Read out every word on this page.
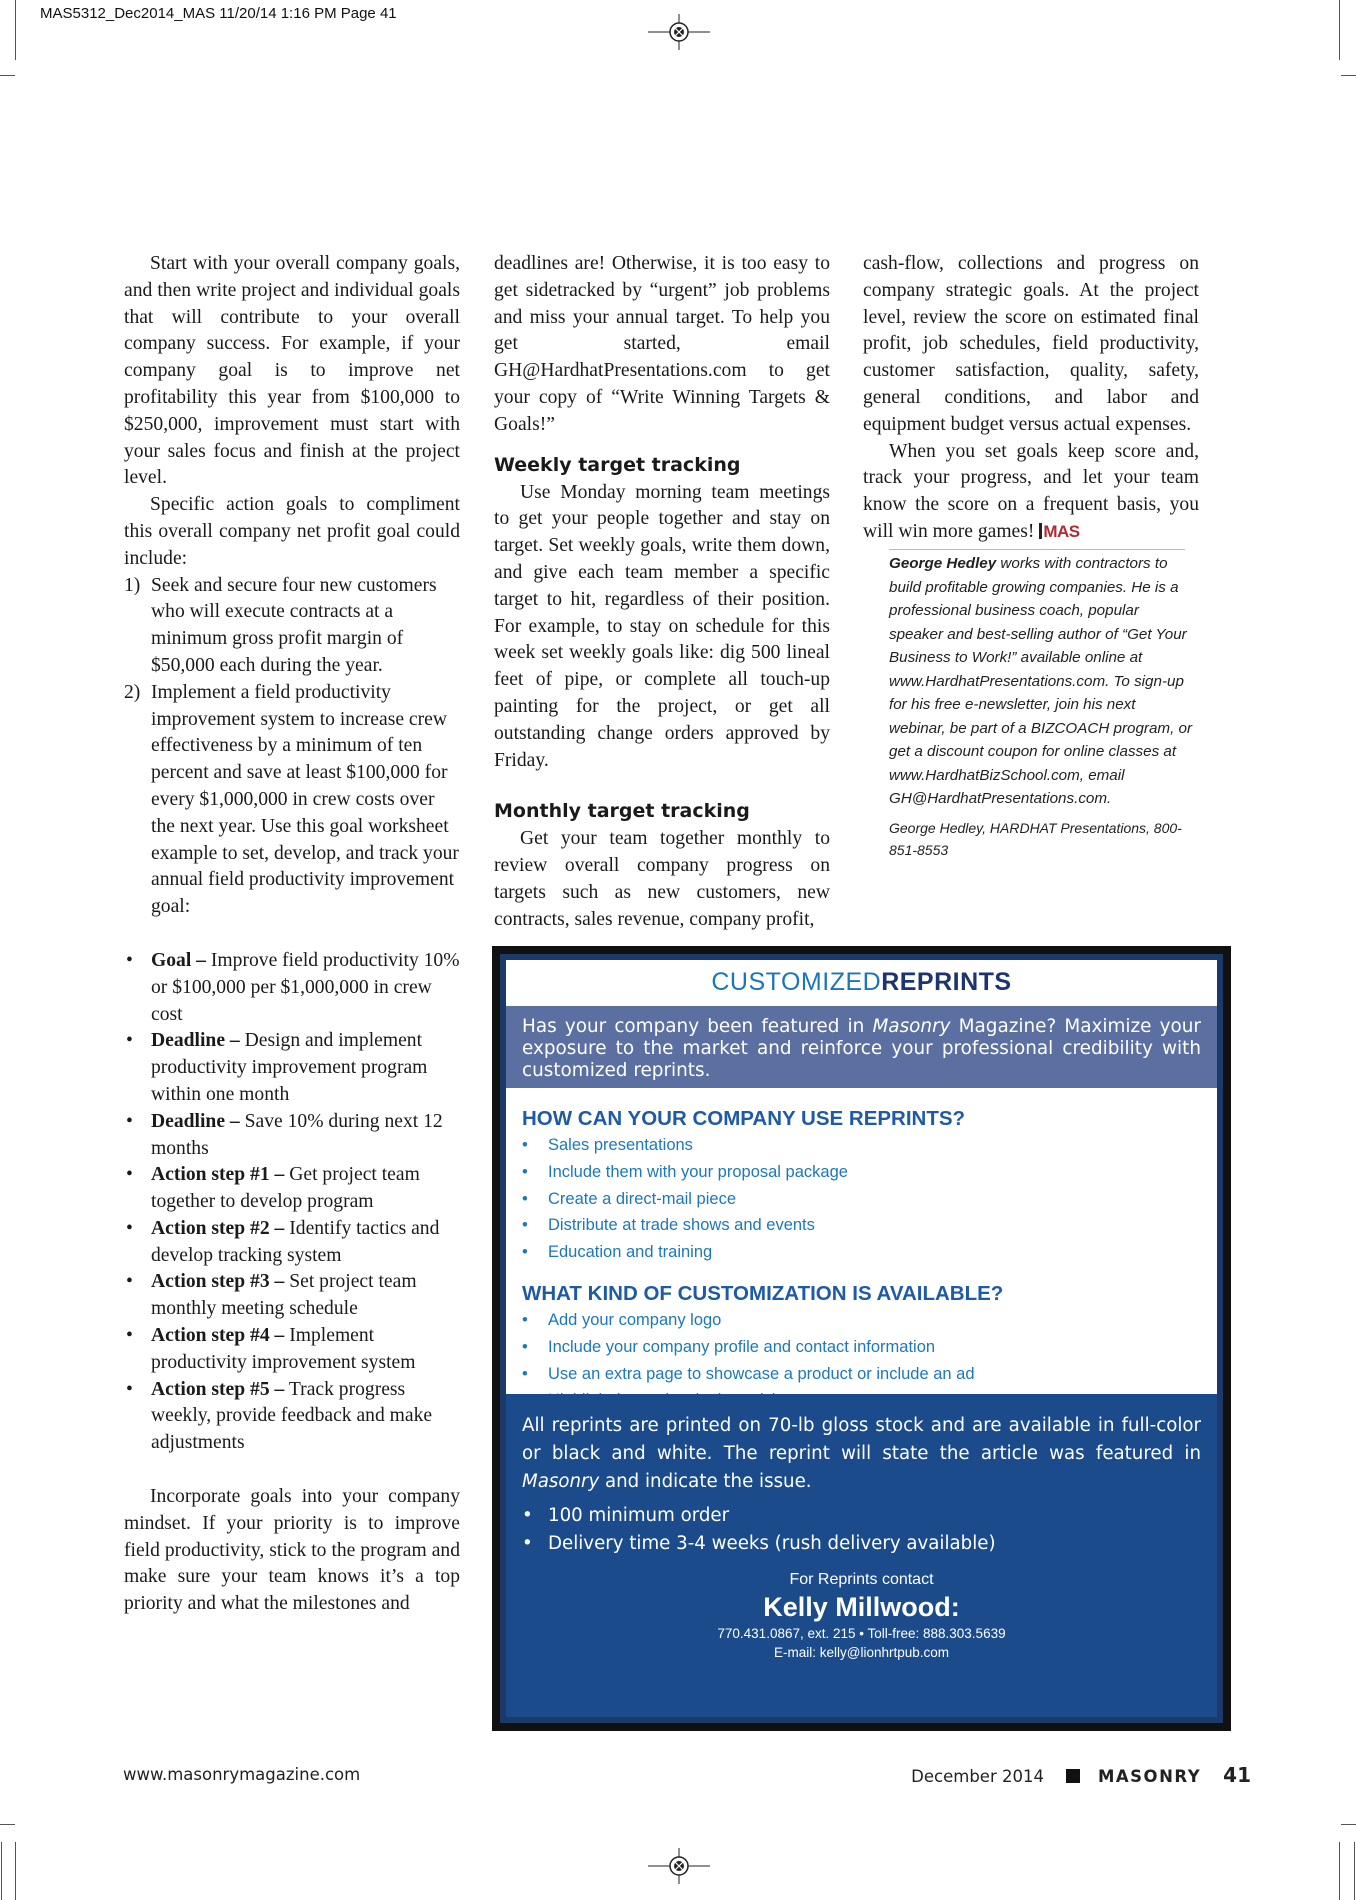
MAS5312_Dec2014_MAS 11/20/14 1:16 PM Page 41

Start with your overall company goals, and then write project and individual goals that will contribute to your overall company success. For example, if your company goal is to improve net profitability this year from $100,000 to $250,000, improvement must start with your sales focus and finish at the project level.

Specific action goals to compliment this overall company net profit goal could include:

1) Seek and secure four new customers who will execute contracts at a minimum gross profit margin of $50,000 each during the year.
2) Implement a field productivity improvement system to increase crew effectiveness by a minimum of ten percent and save at least $100,000 for every $1,000,000 in crew costs over the next year. Use this goal worksheet example to set, develop, and track your annual field productivity improvement goal:
• Goal – Improve field productivity 10% or $100,000 per $1,000,000 in crew cost
• Deadline – Design and implement productivity improvement program within one month
• Deadline – Save 10% during next 12 months
• Action step #1 – Get project team together to develop program
• Action step #2 – Identify tactics and develop tracking system
• Action step #3 – Set project team monthly meeting schedule
• Action step #4 – Implement productivity improvement system
• Action step #5 – Track progress weekly, provide feedback and make adjustments

Incorporate goals into your company mindset. If your priority is to improve field productivity, stick to the program and make sure your team knows it’s a top priority and what the milestones and

deadlines are! Otherwise, it is too easy to get sidetracked by “urgent” job problems and miss your annual target. To help you get started, email GH@HardhatPresentations.com to get your copy of “Write Winning Targets & Goals!”

Weekly target tracking

Use Monday morning team meetings to get your people together and stay on target. Set weekly goals, write them down, and give each team member a specific target to hit, regardless of their position. For example, to stay on schedule for this week set weekly goals like: dig 500 lineal feet of pipe, or complete all touch-up painting for the project, or get all outstanding change orders approved by Friday.

Monthly target tracking

Get your team together monthly to review overall company progress on targets such as new customers, new contracts, sales revenue, company profit,

cash-flow, collections and progress on company strategic goals. At the project level, review the score on estimated final profit, job schedules, field productivity, customer satisfaction, quality, safety, general conditions, and labor and equipment budget versus actual expenses.

When you set goals keep score and, track your progress, and let your team know the score on a frequent basis, you will win more games! MAS

George Hedley works with contractors to build profitable growing companies. He is a professional business coach, popular speaker and best-selling author of “Get Your Business to Work!” available online at www.HardhatPresentations.com. To sign-up for his free e-newsletter, join his next webinar, be part of a BIZCOACH program, or get a discount coupon for online classes at www.HardhatBizSchool.com, email GH@HardhatPresentations.com.
George Hedley, HARDHAT Presentations, 800-851-8553
CUSTOMIZEDREPRINTS
Has your company been featured in Masonry Magazine? Maximize your exposure to the market and reinforce your professional credibility with customized reprints.
HOW CAN YOUR COMPANY USE REPRINTS?
• Sales presentations
• Include them with your proposal package
• Create a direct-mail piece
• Distribute at trade shows and events
• Education and training
WHAT KIND OF CUSTOMIZATION IS AVAILABLE?
• Add your company logo
• Include your company profile and contact information
• Use an extra page to showcase a product or include an ad
All reprints are printed on 70-lb gloss stock and are available in full-color or black and white. The reprint will state the article was featured in Masonry and indicate the issue.
• 100 minimum order
• Delivery time 3-4 weeks (rush delivery available)
For Reprints contact
Kelly Millwood:
770.431.0867, ext. 215 • Toll-free: 888.303.5639
E-mail: kelly@lionhrtpub.com
www.masonrymagazine.com	December 2014	MASONRY 41
